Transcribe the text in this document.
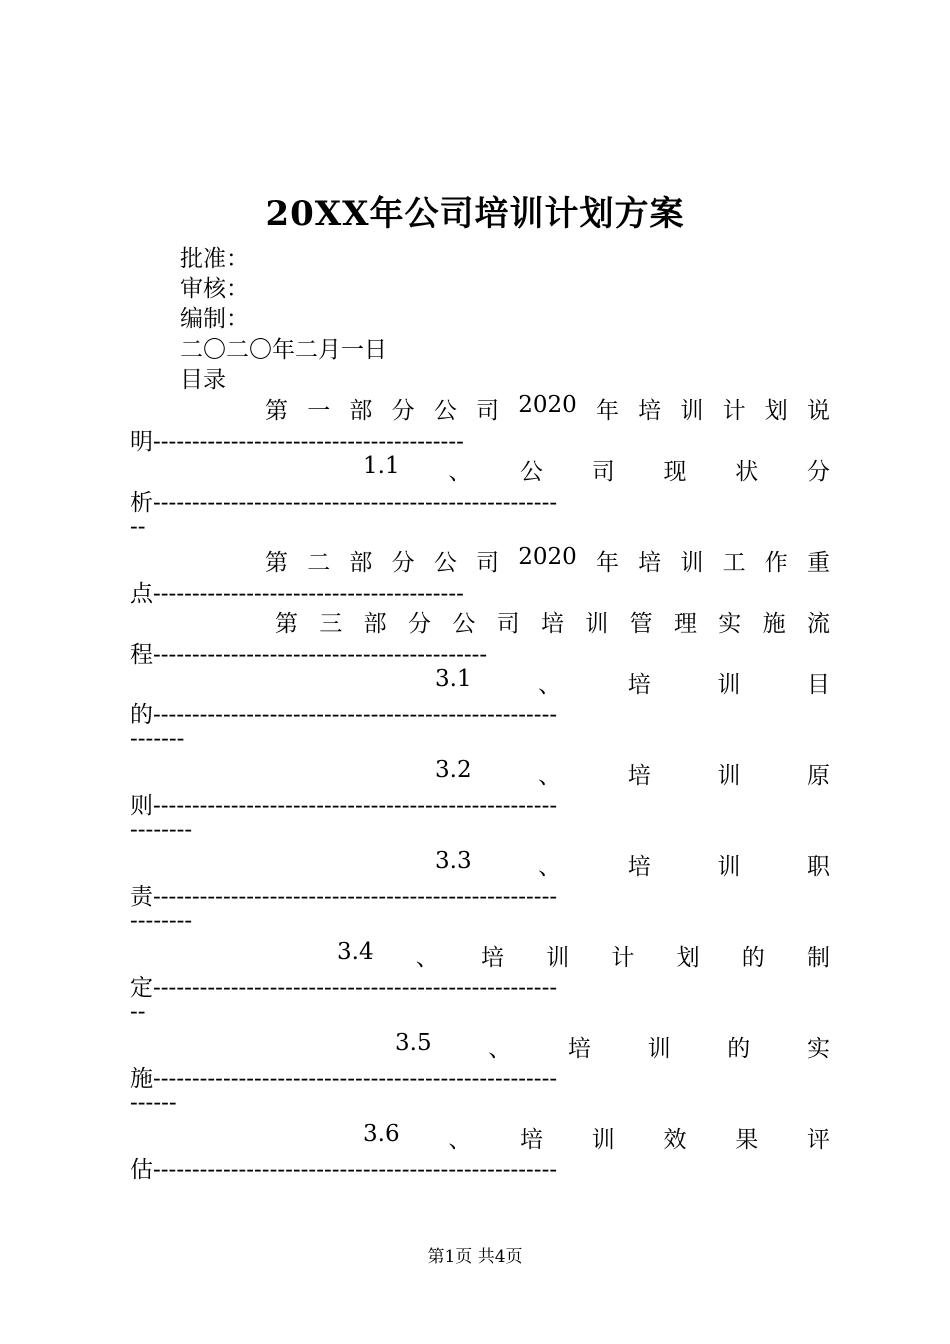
20XX年公司培训计划方案
批准：
审核：
编制：
二〇二〇年二月一日
目录
第 一 部 分 公 司 2020 年 培 训 计 划 说
明----------------------------------------
1.1 、 公 司 现 状 分
析----------------------------------------------------
--
第 二 部 分 公 司 2020 年 培 训 工 作 重
点----------------------------------------
第 三 部 分 公 司 培 训 管 理 实 施 流
程-------------------------------------------
3.1	、	培	训	目
的----------------------------------------------------
-------
3.2	、	培	训	原
则----------------------------------------------------
--------
3.3	、	培	训	职
责----------------------------------------------------
--------
3.4 、 培 训 计 划 的 制
定----------------------------------------------------
--
3.5 、 培 训 的 实
施----------------------------------------------------
------
3.6 、 培 训 效 果 评
估----------------------------------------------------
第1页 共4页
